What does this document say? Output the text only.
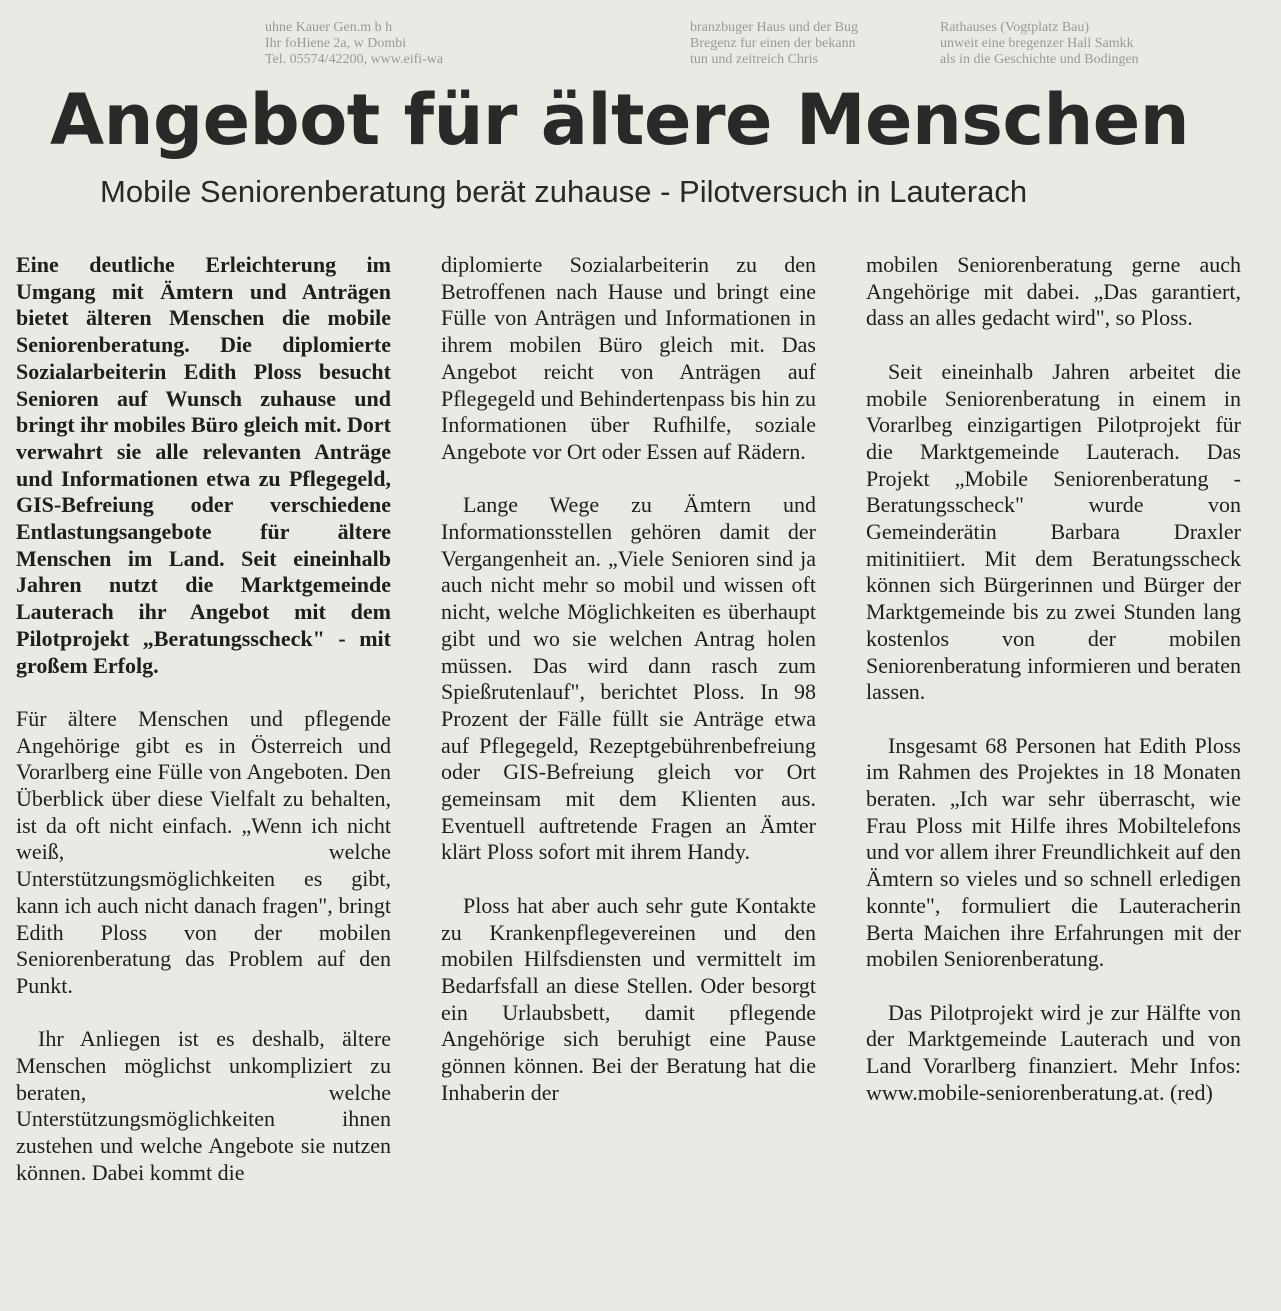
uhne Kauer Gen.m b h
Ihr foHiene 2a, w Dombi
Tel. 05574/42200, www.eifi-wa

branzbuger Haus und der Bug
Bregenz fur einen der bekann
tun und zeitreich Chris

Rathauses (Vogtplatz Bau)
unweit eine bregenzer Hall Samkk
als in die Geschichte und Bodingen
Angebot für ältere Menschen
Mobile Seniorenberatung berät zuhause - Pilotversuch in Lauterach

Eine deutliche Erleichterung im Umgang mit Ämtern und Anträgen bietet älteren Menschen die mobile Seniorenberatung. Die diplomierte Sozialarbeiterin Edith Ploss besucht Senioren auf Wunsch zuhause und bringt ihr mobiles Büro gleich mit. Dort verwahrt sie alle relevanten Anträge und Informationen etwa zu Pflegegeld, GIS-Befreiung oder verschiedene Entlastungsangebote für ältere Menschen im Land. Seit eineinhalb Jahren nutzt die Marktgemeinde Lauterach ihr Angebot mit dem Pilotprojekt „Beratungsscheck" - mit großem Erfolg.

Für ältere Menschen und pflegende Angehörige gibt es in Österreich und Vorarlberg eine Fülle von Angeboten. Den Überblick über diese Vielfalt zu behalten, ist da oft nicht einfach. „Wenn ich nicht weiß, welche Unterstützungsmöglichkeiten es gibt, kann ich auch nicht danach fragen", bringt Edith Ploss von der mobilen Seniorenberatung das Problem auf den Punkt.

Ihr Anliegen ist es deshalb, ältere Menschen möglichst unkompliziert zu beraten, welche Unterstützungsmöglichkeiten ihnen zustehen und welche Angebote sie nutzen können. Dabei kommt die

diplomierte Sozialarbeiterin zu den Betroffenen nach Hause und bringt eine Fülle von Anträgen und Informationen in ihrem mobilen Büro gleich mit. Das Angebot reicht von Anträgen auf Pflegegeld und Behindertenpass bis hin zu Informationen über Rufhilfe, soziale Angebote vor Ort oder Essen auf Rädern.

Lange Wege zu Ämtern und Informationsstellen gehören damit der Vergangenheit an. „Viele Senioren sind ja auch nicht mehr so mobil und wissen oft nicht, welche Möglichkeiten es überhaupt gibt und wo sie welchen Antrag holen müssen. Das wird dann rasch zum Spießrutenlauf", berichtet Ploss. In 98 Prozent der Fälle füllt sie Anträge etwa auf Pflegegeld, Rezeptgebührenbefreiung oder GIS-Befreiung gleich vor Ort gemeinsam mit dem Klienten aus. Eventuell auftretende Fragen an Ämter klärt Ploss sofort mit ihrem Handy.

Ploss hat aber auch sehr gute Kontakte zu Krankenpflegevereinen und den mobilen Hilfsdiensten und vermittelt im Bedarfsfall an diese Stellen. Oder besorgt ein Urlaubsbett, damit pflegende Angehörige sich beruhigt eine Pause gönnen können. Bei der Beratung hat die Inhaberin der

mobilen Seniorenberatung gerne auch Angehörige mit dabei. „Das garantiert, dass an alles gedacht wird", so Ploss.

Seit eineinhalb Jahren arbeitet die mobile Seniorenberatung in einem in Vorarlbeg einzigartigen Pilotprojekt für die Marktgemeinde Lauterach. Das Projekt „Mobile Seniorenberatung - Beratungsscheck" wurde von Gemeinderätin Barbara Draxler mitinitiiert. Mit dem Beratungsscheck können sich Bürgerinnen und Bürger der Marktgemeinde bis zu zwei Stunden lang kostenlos von der mobilen Seniorenberatung informieren und beraten lassen.

Insgesamt 68 Personen hat Edith Ploss im Rahmen des Projektes in 18 Monaten beraten. „Ich war sehr überrascht, wie Frau Ploss mit Hilfe ihres Mobiltelefons und vor allem ihrer Freundlichkeit auf den Ämtern so vieles und so schnell erledigen konnte", formuliert die Lauteracherin Berta Maichen ihre Erfahrungen mit der mobilen Seniorenberatung.

Das Pilotprojekt wird je zur Hälfte von der Marktgemeinde Lauterach und von Land Vorarlberg finanziert. Mehr Infos: www.mobile-seniorenberatung.at. (red)
